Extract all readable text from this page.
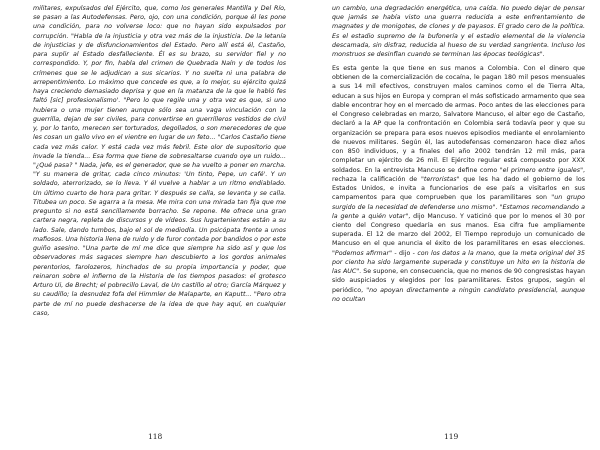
militares, expulsados del Ejército, que, como los generales Mantilla y Del Río, se pasan a las Autodefensas. Pero, ojo, con una condición, porque él les pone una condición, para no volverse loco: que no hayan sido expulsados por corrupción. "Habla de la injusticia y otra vez más de la injusticia. De la letanía de injusticias y de disfuncionamientos del Estado. Pero allí está él, Castaño, para suplir al Estado desfalleciente. Él es su brazo, su servidor fiel y no correspondido. Y, por fin, habla del crimen de Quebrada Naín y de todos los crímenes que se le adjudican a sus sicarios. Y no suelta ni una palabra de arrepentimiento. Lo máximo que concede es que, a lo mejor, su ejército quizá haya creciendo demasiado deprisa y que en la matanza de la que le habló fes faltó [sic] profesionalismo'. "Pero lo que regile una y otra vez es que, si uno hubiera o una mujer tienen aunque sólo sea una vaga vinculación con la guerrilla, dejan de ser civiles, para convertirse en guerrilleros vestidos de civil y, por lo tanto, merecen ser torturados, degollados, o son merecedores de que les cosan un gallo vivo en el vientre en lugar de un feto... "Carlos Castaño tiene cada vez más calor. Y está cada vez más febril. Este olor de supositorio que invade la tienda... Esa forma que tiene de sobresaltarse cuando oye un ruido... "¿Qué pasa? " Nada, jefe, es el generador, que se ha vuelto a poner en marcha. "Y su manera de gritar, cada cinco minutos: 'Un tinto, Pepe, un café'. Y un soldado, aterrorizado, se lo lleva. Y él vuelve a hablar a un ritmo endiablado. Un último cuarto de hora para gritar. Y después se calla, se levanta y se calla. Titubea un poco. Se agarra a la mesa. Me mira con una mirada tan fija que me pregunto si no está sencillamente borracho. Se repone. Me ofrece una gran cartera negra, repleta de discursos y de vídeos. Sus lugartenientes están a su lado. Sale, dando tumbos, bajo el sol de mediodía. Un psicópata frente a unos mafiosos. Una historia llena de ruido y de furor contada por bandidos o por este guiño asesino. "Una parte de mí me dice que siempre ha sido así y que los observadores más sagaces siempre han descubierto a los gordos animales perentorios, farolozeros, hinchados de su propia importancia y poder, que reinaron sobre el infierno de la Historia de los tiempos pasados: el grotesco Arturo Ui, de Brecht; el pobrecillo Laval, de Un castillo al otro; García Márquez y su caudillo; la desnudez fofa del Himmler de Malaparte, en Kaputt... "Pero otra parte de mí no puede deshacerse de la idea de que hay aquí, en cualquier caso,

un cambio, una degradación energética, una caída. No puedo dejar de pensar que jamás se había visto una guerra reducida a este enfrentamiento de magnates y de monigotes, de clones y de payasos. El grado cero de la política. Es el estadio supremo de la bufonería y el estadio elemental de la violencia descamada, sin disfraz, reducida al hueso de su verdad sangrienta. Incluso los monstruos se desinflan cuando se terminan las épocas teológicas".

Es esta gente la que tiene en sus manos a Colombia. Con el dinero que obtienen de la comercialización de cocaína, le pagan 180 mil pesos mensuales a sus 14 mil efectivos, construyen malos caminos como el de Tierra Alta, educan a sus hijos en Europa y compran el más sofisticado armamento que sea dable encontrar hoy en el mercado de armas. Poco antes de las elecciones para el Congreso celebradas en marzo, Salvatore Mancuso, el alter ego de Castaño, declaró a la AP que la confrontación en Colombia será todavía peor y que su organización se prepara para esos nuevos episodios mediante el enrolamiento de nuevos militares. Según él, las autodefensas comenzaron hace diez años con 850 individuos, y a finales del año 2002 tendrán 12 mil más, para completar un ejército de 26 mil. El Ejército regular está compuesto por XXX soldados. En la entrevista Mancuso se define como "el primero entre iguales", rechaza la calificación de "terroristas" que les ha dado el gobierno de los Estados Unidos, e invita a funcionarios de ese país a visitarlos en sus campamentos para que comprueben que los paramilitares son "un grupo surgido de la necesidad de defenderse uno mismo". "Estamos recomendando a la gente a quién votar", dijo Mancuso. Y vaticinó que por lo menos el 30 por ciento del Congreso quedaría en sus manos. Esa cifra fue ampliamente superada. El 12 de marzo del 2002, El Tiempo reprodujo un comunicado de Mancuso en el que anuncia el éxito de los paramilitares en esas elecciones. "Podemos afirmar" - dijo - con los datos a la mano, que la meta original del 35 por ciento ha sido largamente superada y constituye un hito en la historia de las AUC". Se supone, en consecuencia, que no menos de 90 congresistas hayan sido auspiciados y elegidos por los paramilitares. Estos grupos, según el periódico, "no apoyan directamente a ningún candidato presidencial, aunque no ocultan

118	119
